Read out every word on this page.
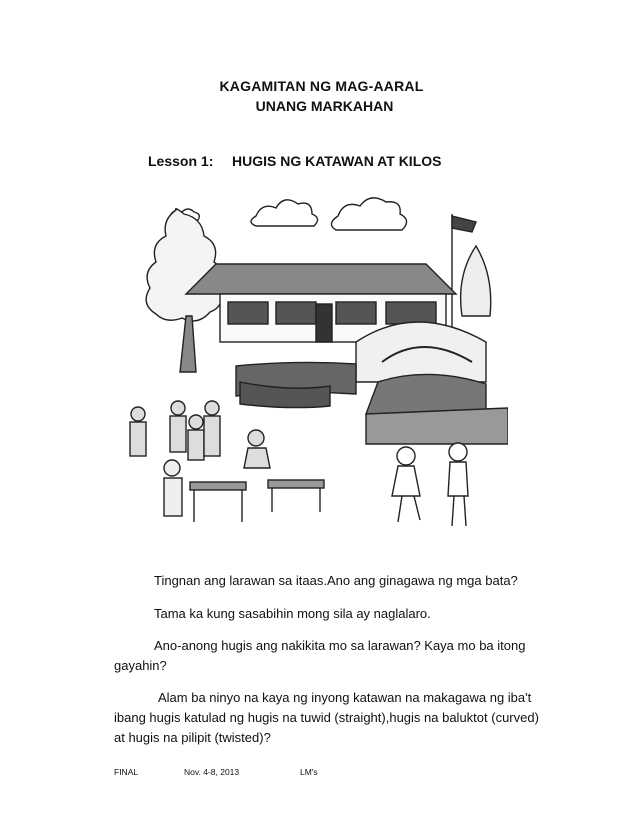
KAGAMITAN NG MAG-AARAL
UNANG MARKAHAN
Lesson 1: HUGIS NG KATAWAN AT KILOS
Tingnan ang larawan sa itaas.Ano ang ginagawa ng mga bata?
Tama ka kung sasabihin mong sila ay naglalaro.
Ano-anong hugis ang nakikita mo sa larawan? Kaya mo ba itong gayahin?
Alam ba ninyo na kaya ng inyong katawan na makagawa ng iba't ibang hugis katulad ng hugis na tuwid (straight),hugis na baluktot (curved) at hugis na pilipit (twisted)?
FINAL	Nov. 4-8, 2013	LM's
